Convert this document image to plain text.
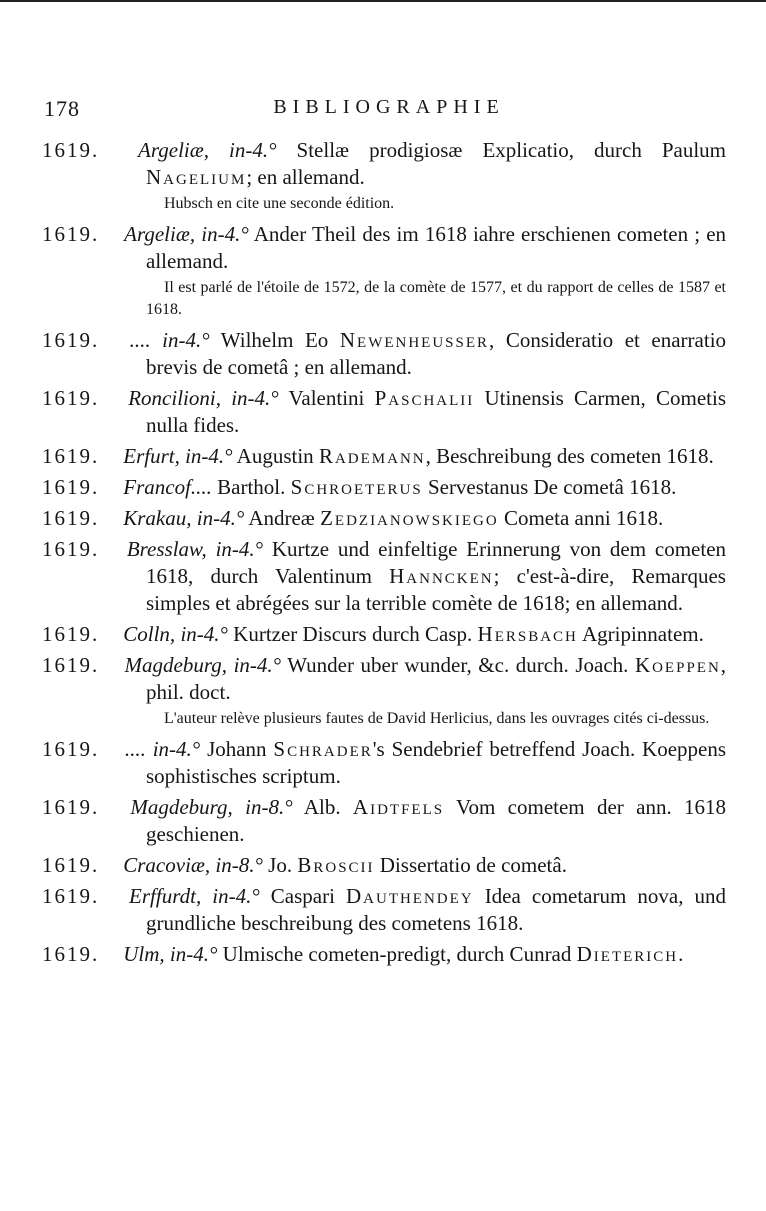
178	BIBLIOGRAPHIE
1619. Argeliæ, in-4.° Stellæ prodigiosæ Explicatio, durch Paulum Nagelium; en allemand.
Hubsch en cite une seconde édition.
1619. Argeliæ, in-4.° Ander Theil des im 1618 iahre erschienen cometen ; en allemand.
Il est parlé de l'étoile de 1572, de la comète de 1577, et du rapport de celles de 1587 et 1618.
1619. .... in-4.° Wilhelm Eo Newenheusser, Consideratio et enarratio brevis de cometâ ; en allemand.
1619. Roncilioni, in-4.° Valentini Paschalii Utinensis Carmen, Cometis nulla fides.
1619. Erfurt, in-4.° Augustin Rademann, Beschreibung des cometen 1618.
1619. Francof.... Barthol. Schroeterus Servestanus De cometâ 1618.
1619. Krakau, in-4.° Andreæ Zedzianowskiego Cometa anni 1618.
1619. Bresslaw, in-4.° Kurtze und einfeltige Erinnerung von dem cometen 1618, durch Valentinum Hanncken; c'est-à-dire, Remarques simples et abrégées sur la terrible comète de 1618; en allemand.
1619. Colln, in-4.° Kurtzer Discurs durch Casp. Hersbach Agripinnatem.
1619. Magdeburg, in-4.° Wunder uber wunder, &c. durch. Joach. Koeppen, phil. doct.
L'auteur relève plusieurs fautes de David Herlicius, dans les ouvrages cités ci-dessus.
1619. .... in-4.° Johann Schrader's Sendebrief betreffend Joach. Koeppens sophistisches scriptum.
1619. Magdeburg, in-8.° Alb. Aidtfels Vom cometem der ann. 1618 geschienen.
1619. Cracoviæ, in-8.° Jo. Broscii Dissertatio de cometâ.
1619. Erffurdt, in-4.° Caspari Dauthendey Idea cometarum nova, und grundliche beschreibung des cometens 1618.
1619. Ulm, in-4.° Ulmische cometen-predigt, durch Cunrad Dieterich.
